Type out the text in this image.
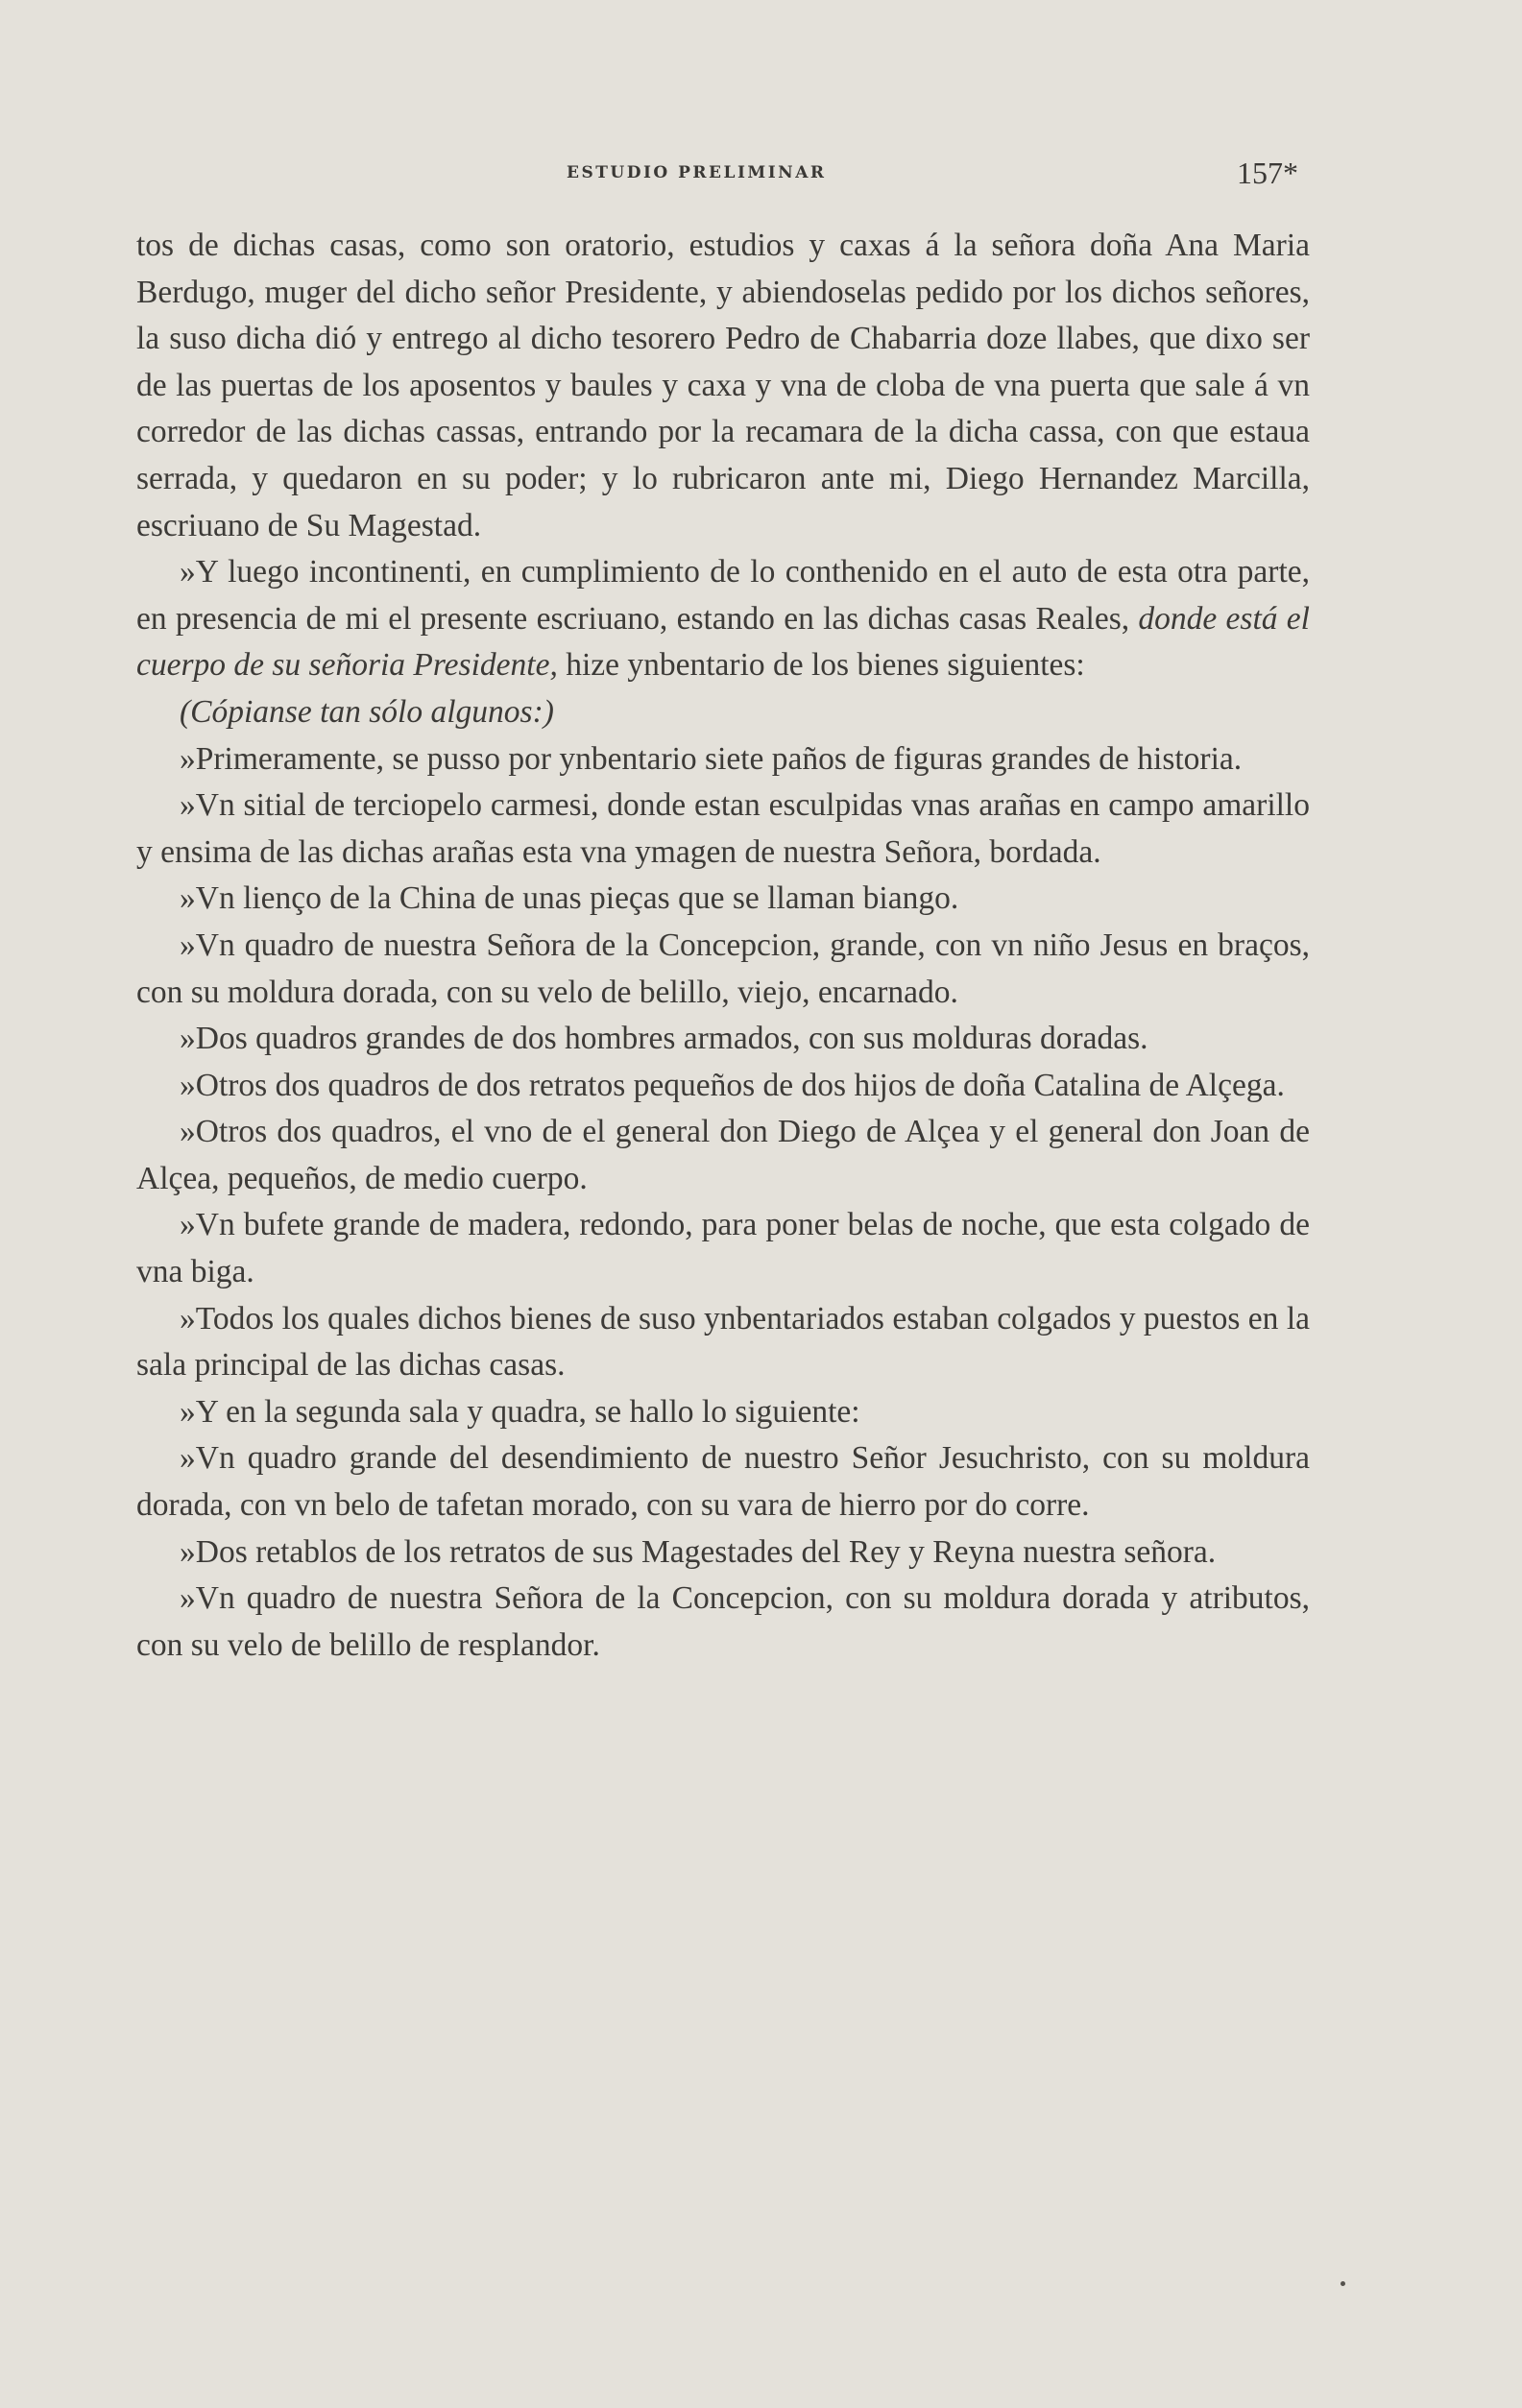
ESTUDIO PRELIMINAR	157*

tos de dichas casas, como son oratorio, estudios y caxas á la señora doña Ana Maria Berdugo, muger del dicho señor Presidente, y abiendoselas pedido por los dichos señores, la suso dicha dió y entrego al dicho tesorero Pedro de Chabarria doze llabes, que dixo ser de las puertas de los aposentos y baules y caxa y vna de cloba de vna puerta que sale á vn corredor de las dichas cassas, entrando por la recamara de la dicha cassa, con que estaua serrada, y quedaron en su poder; y lo rubricaron ante mi, Diego Hernandez Marcilla, escriuano de Su Magestad.

»Y luego incontinenti, en cumplimiento de lo conthenido en el auto de esta otra parte, en presencia de mi el presente escriuano, estando en las dichas casas Reales, donde está el cuerpo de su señoria Presidente, hize ynbentario de los bienes siguientes:

(Cópianse tan sólo algunos:)

»Primeramente, se pusso por ynbentario siete paños de figuras grandes de historia.

»Vn sitial de terciopelo carmesi, donde estan esculpidas vnas arañas en campo amarillo y ensima de las dichas arañas esta vna ymagen de nuestra Señora, bordada.

»Vn lienço de la China de unas pieças que se llaman biango.

»Vn quadro de nuestra Señora de la Concepcion, grande, con vn niño Jesus en braços, con su moldura dorada, con su velo de belillo, viejo, encarnado.

»Dos quadros grandes de dos hombres armados, con sus molduras doradas.

»Otros dos quadros de dos retratos pequeños de dos hijos de doña Catalina de Alçega.

»Otros dos quadros, el vno de el general don Diego de Alçea y el general don Joan de Alçea, pequeños, de medio cuerpo.

»Vn bufete grande de madera, redondo, para poner belas de noche, que esta colgado de vna biga.

»Todos los quales dichos bienes de suso ynbentariados estaban colgados y puestos en la sala principal de las dichas casas.

»Y en la segunda sala y quadra, se hallo lo siguiente:

»Vn quadro grande del desendimiento de nuestro Señor Jesuchristo, con su moldura dorada, con vn belo de tafetan morado, con su vara de hierro por do corre.

»Dos retablos de los retratos de sus Magestades del Rey y Reyna nuestra señora.

»Vn quadro de nuestra Señora de la Concepcion, con su moldura dorada y atributos, con su velo de belillo de resplandor.
